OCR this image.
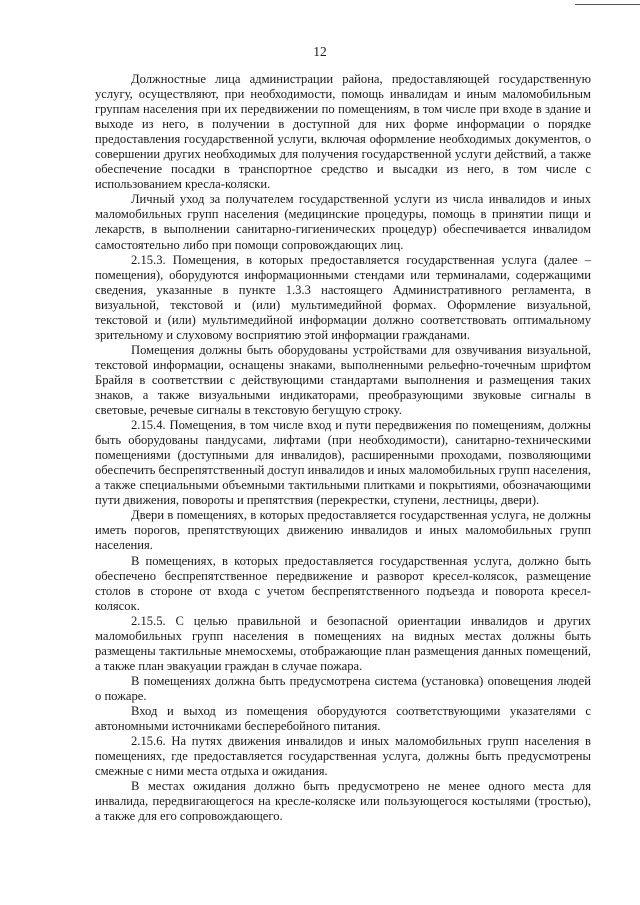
12

Должностные лица администрации района, предоставляющей государственную услугу, осуществляют, при необходимости, помощь инвалидам и иным маломобильным группам населения при их передвижении по помещениям, в том числе при входе в здание и выходе из него, в получении в доступной для них форме информации о порядке предоставления государственной услуги, включая оформление необходимых документов, о совершении других необходимых для получения государственной услуги действий, а также обеспечение посадки в транспортное средство и высадки из него, в том числе с использованием кресла-коляски.

Личный уход за получателем государственной услуги из числа инвалидов и иных маломобильных групп населения (медицинские процедуры, помощь в принятии пищи и лекарств, в выполнении санитарно-гигиенических процедур) обеспечивается инвалидом самостоятельно либо при помощи сопровождающих лиц.

2.15.3. Помещения, в которых предоставляется государственная услуга (далее – помещения), оборудуются информационными стендами или терминалами, содержащими сведения, указанные в пункте 1.3.3 настоящего Административного регламента, в визуальной, текстовой и (или) мультимедийной формах. Оформление визуальной, текстовой и (или) мультимедийной информации должно соответствовать оптимальному зрительному и слуховому восприятию этой информации гражданами.

Помещения должны быть оборудованы устройствами для озвучивания визуальной, текстовой информации, оснащены знаками, выполненными рельефно-точечным шрифтом Брайля в соответствии с действующими стандартами выполнения и размещения таких знаков, а также визуальными индикаторами, преобразующими звуковые сигналы в световые, речевые сигналы в текстовую бегущую строку.

2.15.4. Помещения, в том числе вход и пути передвижения по помещениям, должны быть оборудованы пандусами, лифтами (при необходимости), санитарно-техническими помещениями (доступными для инвалидов), расширенными проходами, позволяющими обеспечить беспрепятственный доступ инвалидов и иных маломобильных групп населения, а также специальными объемными тактильными плитками и покрытиями, обозначающими пути движения, повороты и препятствия (перекрестки, ступени, лестницы, двери).

Двери в помещениях, в которых предоставляется государственная услуга, не должны иметь порогов, препятствующих движению инвалидов и иных маломобильных групп населения.

В помещениях, в которых предоставляется государственная услуга, должно быть обеспечено беспрепятственное передвижение и разворот кресел-колясок, размещение столов в стороне от входа с учетом беспрепятственного подъезда и поворота кресел-колясок.

2.15.5. С целью правильной и безопасной ориентации инвалидов и других маломобильных групп населения в помещениях на видных местах должны быть размещены тактильные мнемосхемы, отображающие план размещения данных помещений, а также план эвакуации граждан в случае пожара.

В помещениях должна быть предусмотрена система (установка) оповещения людей о пожаре.

Вход и выход из помещения оборудуются соответствующими указателями с автономными источниками бесперебойного питания.

2.15.6. На путях движения инвалидов и иных маломобильных групп населения в помещениях, где предоставляется государственная услуга, должны быть предусмотрены смежные с ними места отдыха и ожидания.

В местах ожидания должно быть предусмотрено не менее одного места для инвалида, передвигающегося на кресле-коляске или пользующегося костылями (тростью), а также для его сопровождающего.
